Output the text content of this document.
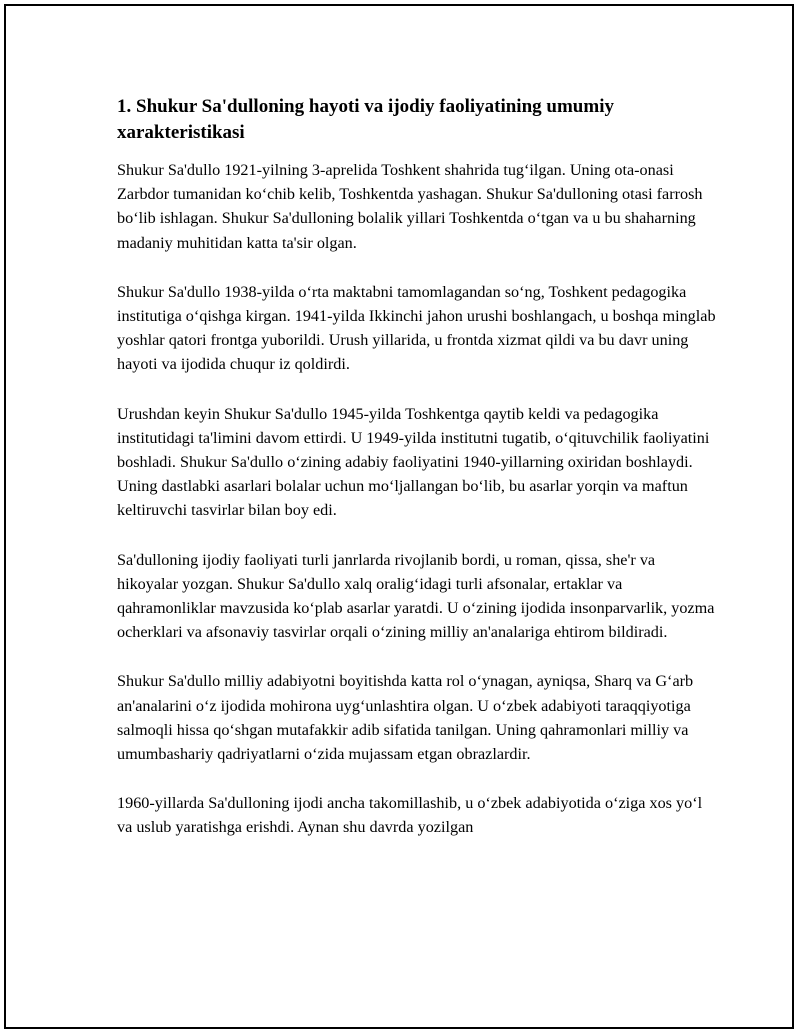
1. Shukur Sa'dulloning hayoti va ijodiy faoliyatining umumiy xarakteristikasi

Shukur Sa'dullo 1921-yilning 3-aprelida Toshkent shahrida tug‘ilgan. Uning ota-onasi Zarbdor tumanidan ko‘chib kelib, Toshkentda yashagan. Shukur Sa'dulloning otasi farrosh bo‘lib ishlagan. Shukur Sa'dulloning bolalik yillari Toshkentda o‘tgan va u bu shaharning madaniy muhitidan katta ta'sir olgan.

Shukur Sa'dullo 1938-yilda o‘rta maktabni tamomlagandan so‘ng, Toshkent pedagogika institutiga o‘qishga kirgan. 1941-yilda Ikkinchi jahon urushi boshlangach, u boshqa minglab yoshlar qatori frontga yuborildi. Urush yillarida, u frontda xizmat qildi va bu davr uning hayoti va ijodida chuqur iz qoldirdi.

Urushdan keyin Shukur Sa'dullo 1945-yilda Toshkentga qaytib keldi va pedagogika institutidagi ta'limini davom ettirdi. U 1949-yilda institutni tugatib, o‘qituvchilik faoliyatini boshladi. Shukur Sa'dullo o‘zining adabiy faoliyatini 1940-yillarning oxiridan boshlaydi. Uning dastlabki asarlari bolalar uchun mo‘ljallangan bo‘lib, bu asarlar yorqin va maftun keltiruvchi tasvirlar bilan boy edi.

Sa'dulloning ijodiy faoliyati turli janrlarda rivojlanib bordi, u roman, qissa, she'r va hikoyalar yozgan. Shukur Sa'dullo xalq oralig‘idagi turli afsonalar, ertaklar va qahramonliklar mavzusida ko‘plab asarlar yaratdi. U o‘zining ijodida insonparvarlik, yozma ocherklari va afsonaviy tasvirlar orqali o‘zining milliy an'analariga ehtirom bildiradi.

Shukur Sa'dullo milliy adabiyotni boyitishda katta rol o‘ynagan, ayniqsa, Sharq va G‘arb an'analarini o‘z ijodida mohirona uyg‘unlashtira olgan. U o‘zbek adabiyoti taraqqiyotiga salmoqli hissa qo‘shgan mutafakkir adib sifatida tanilgan. Uning qahramonlari milliy va umumbashariy qadriyatlarni o‘zida mujassam etgan obrazlardir.

1960-yillarda Sa'dulloning ijodi ancha takomillashib, u o‘zbek adabiyotida o‘ziga xos yo‘l va uslub yaratishga erishdi. Aynan shu davrda yozilgan
